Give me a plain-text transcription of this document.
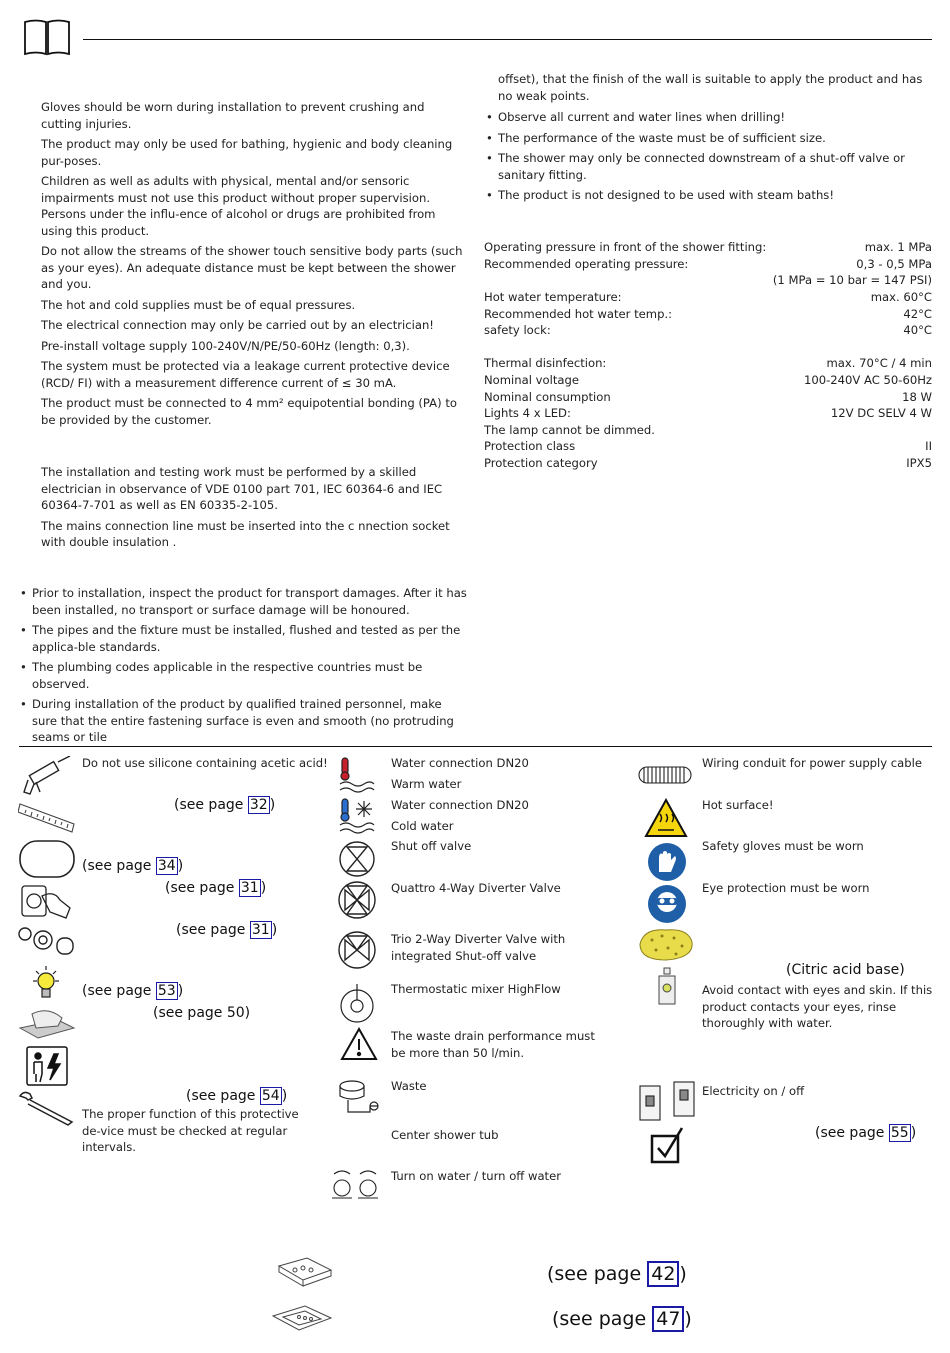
Gloves should be worn during installation to prevent crushing and cutting injuries.
The product may only be used for bathing, hygienic and body cleaning pur-poses.
Children as well as adults with physical, mental and/or sensoric impairments must not use this product without proper supervision. Persons under the influ-ence of alcohol or drugs are prohibited from using this product.
Do not allow the streams of the shower touch sensitive body parts (such as your eyes). An adequate distance must be kept between the shower and you.
The hot and cold supplies must be of equal pressures.
The electrical connection may only be carried out by an electrician!
Pre-install voltage supply 100-240V/N/PE/50-60Hz (length: 0,3).
The system must be protected via a leakage current protective device (RCD/ FI) with a measurement difference current of ≤ 30 mA.
The product must be connected to 4 mm² equipotential bonding (PA) to be provided by the customer.
The installation and testing work must be performed by a skilled electrician in observance of VDE 0100 part 701, IEC 60364-6 and IEC 60364-7-701 as well as EN 60335-2-105.
The mains connection line must be inserted into the c nnection socket with double insulation .
• Prior to installation, inspect the product for transport damages. After it has been installed, no transport or surface damage will be honoured.
• The pipes and the fixture must be installed, flushed and tested as per the applica-ble standards.
• The plumbing codes applicable in the respective countries must be observed.
• During installation of the product by qualified trained personnel, make sure that the entire fastening surface is even and smooth (no protruding seams or tile
offset), that the finish of the wall is suitable to apply the product and has no weak points.
• Observe all current and water lines when drilling!
• The performance of the waste must be of sufficient size.
• The shower may only be connected downstream of a shut-off valve or sanitary fitting.
• The product is not designed to be used with steam baths!
Operating pressure in front of the shower fitting:	max. 1 MPa
Recommended operating pressure:	0,3 - 0,5 MPa
(1 MPa = 10 bar = 147 PSI)
Hot water temperature:	max. 60°C
Recommended hot water temp.:	42°C
safety lock:	40°C
Thermal disinfection:	max. 70°C / 4 min
Nominal voltage	100-240V AC 50-60Hz
Nominal consumption	18 W
Lights 4 x LED:	12V DC SELV 4 W
The lamp cannot be dimmed.
Protection class	II
Protection category	IPX5
Do not use silicone containing acetic acid!
(see page 32 )
(see page 34 )
(see page 31 )
(see page 31 )
(see page 53 )
(see page 50)
(see page 54 )
The proper function of this protective de-vice must be checked at regular intervals.
Water connection DN20
Warm water
Water connection DN20
Cold water
Shut off valve
Quattro 4-Way Diverter Valve
Trio 2-Way Diverter Valve with integrated Shut-off valve
Thermostatic mixer HighFlow
The waste drain performance must be more than 50 l/min.
Waste
Center shower tub
Turn on water / turn off water
Wiring conduit for power supply cable
Hot surface!
Safety gloves must be worn
Eye protection must be worn
(Citric acid base)
Avoid contact with eyes and skin. If this product contacts your eyes, rinse thoroughly with water.
Electricity on / off
(see page 55 )
(see page 42 )
(see page 47 )
